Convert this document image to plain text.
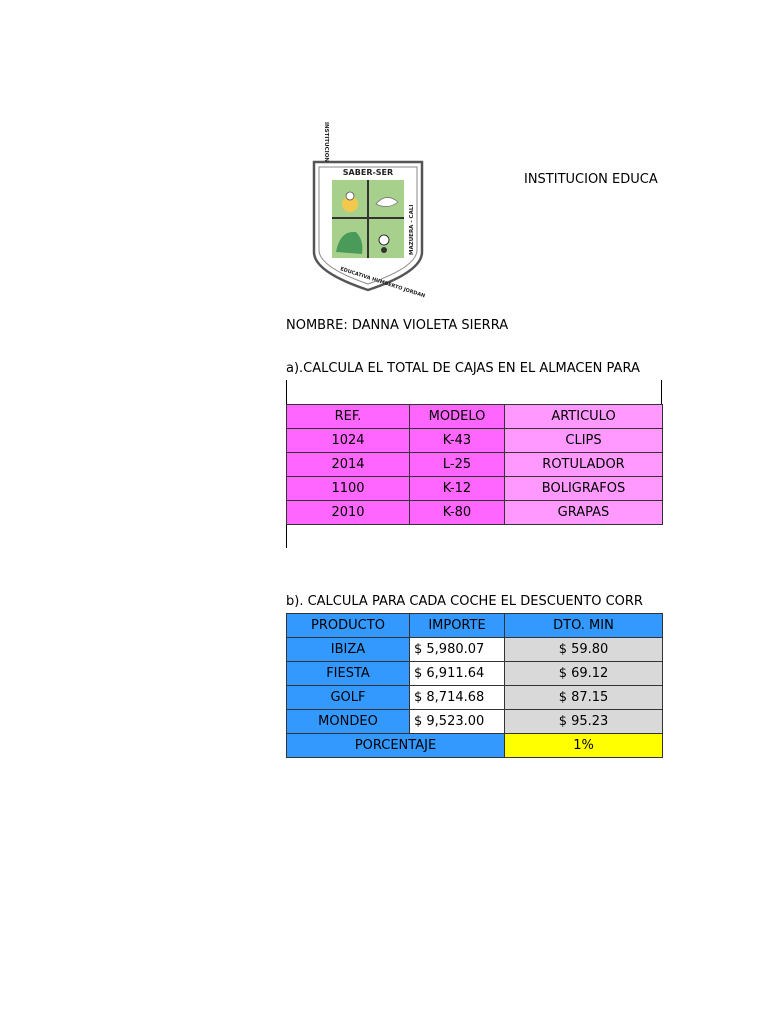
SABER-SER
INSTITUCION
EDUCATIVA HUMBERTO JORDAN
MAZUERA - CALI
INSTITUCION EDUCA
NOMBRE: DANNA VIOLETA SIERRA
a).CALCULA EL TOTAL DE CAJAS EN EL ALMACEN PARA
REF.	MODELO	ARTICULO
1024	K-43	CLIPS
2014	L-25	ROTULADOR
1100	K-12	BOLIGRAFOS
2010	K-80	GRAPAS
b). CALCULA PARA CADA COCHE EL DESCUENTO CORR
PRODUCTO	IMPORTE	DTO. MIN
IBIZA	$ 5,980.07	$ 59.80
FIESTA	$ 6,911.64	$ 69.12
GOLF	$ 8,714.68	$ 87.15
MONDEO	$ 9,523.00	$ 95.23
PORCENTAJE		1%
